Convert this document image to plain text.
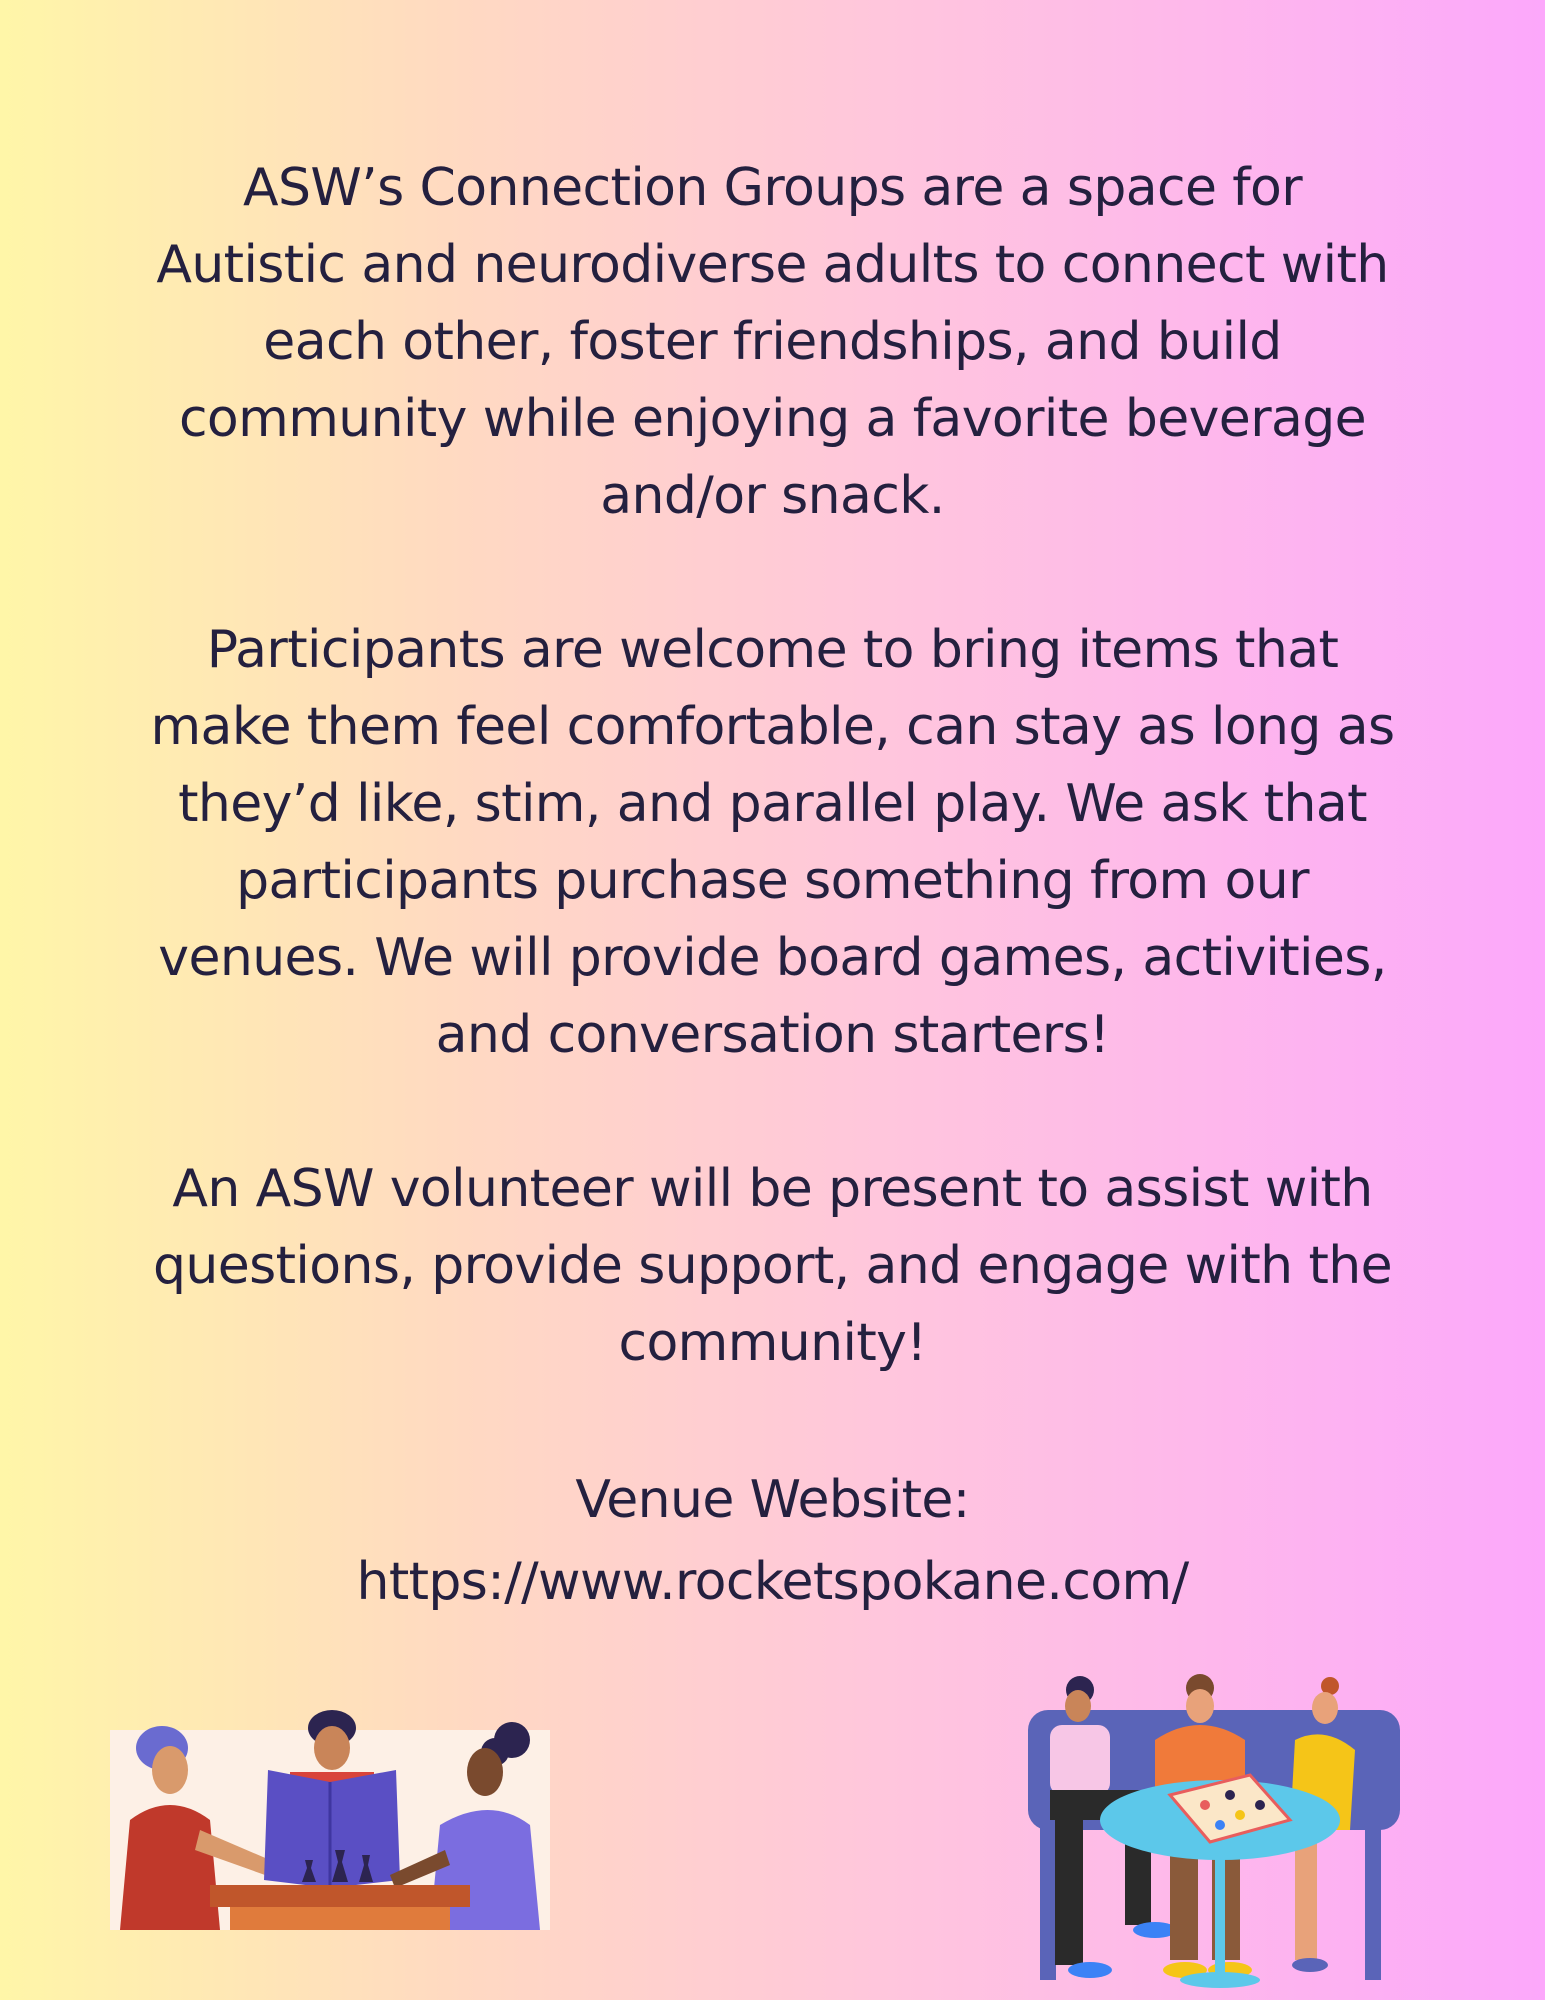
ASW’s Connection Groups are a space for Autistic and neurodiverse adults to connect with each other, foster friendships, and build community while enjoying a favorite beverage and/or snack.

Participants are welcome to bring items that make them feel comfortable, can stay as long as they’d like, stim, and parallel play. We ask that participants purchase something from our venues. We will provide board games, activities, and conversation starters!

An ASW volunteer will be present to assist with questions, provide support, and engage with the community!

Venue Website:

https://www.rocketspokane.com/
